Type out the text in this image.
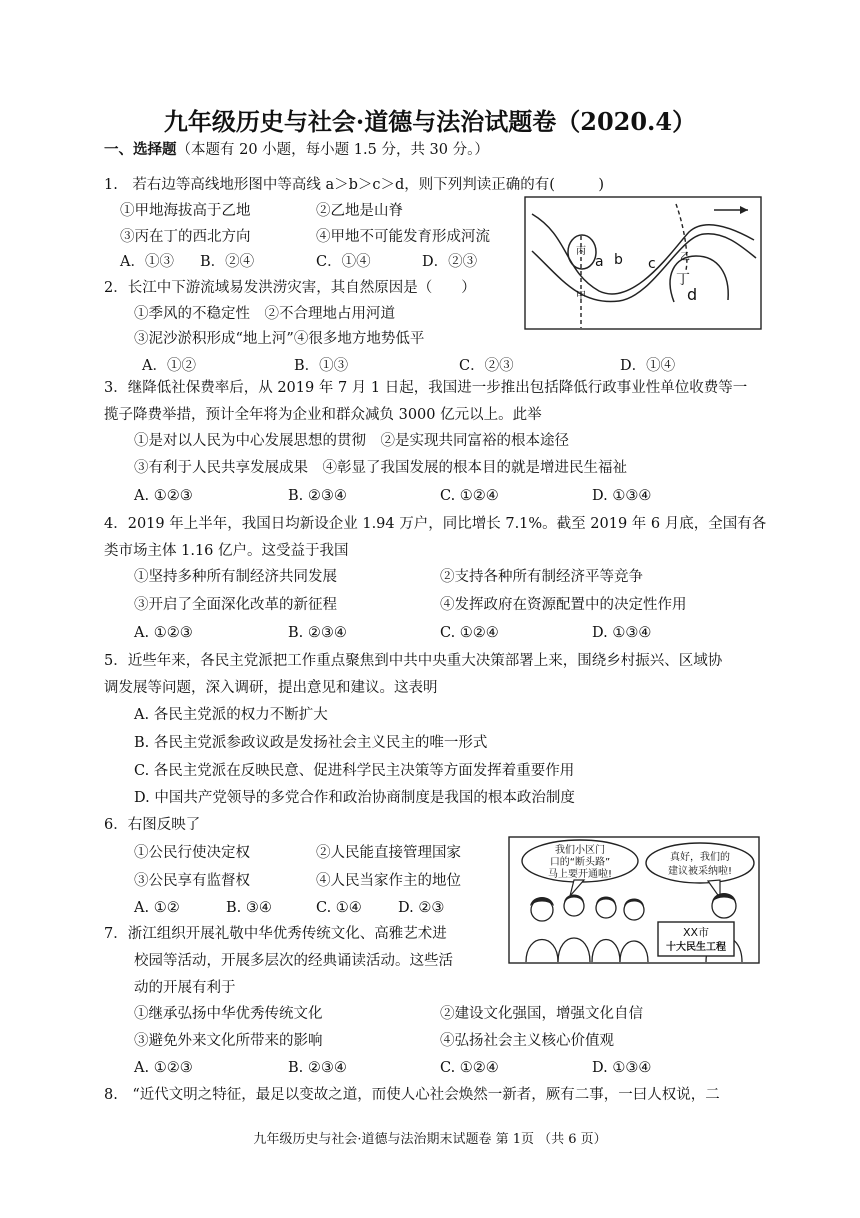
九年级历史与社会·道德与法治试题卷（2020.4）
一、选择题（本题有 20 小题，每小题 1.5 分，共 30 分。）
1.　若右边等高线地形图中等高线 a＞b＞c＞d，则下列判读正确的有(　　　)
①甲地海拔高于乙地	②乙地是山脊
③丙在丁的西北方向	④甲地不可能发育形成河流
A．①③ B．②④	C．①④	D．②③
丙
a b c 乙
丁
d
甲
2．长江中下游流域易发洪涝灾害，其自然原因是（　　）
①季风的不稳定性　②不合理地占用河道
③泥沙淤积形成“地上河”④很多地方地势低平
A．①②	B．①③	C．②③	D．①④
3．继降低社保费率后，从 2019 年 7 月 1 日起，我国进一步推出包括降低行政事业性单位收费等一
揽子降费举措，预计全年将为企业和群众减负 3000 亿元以上。此举
①是对以人民为中心发展思想的贯彻　②是实现共同富裕的根本途径
③有利于人民共享发展成果　④彰显了我国发展的根本目的就是增进民生福祉
A. ①②③	B. ②③④	C. ①②④	D. ①③④
4．2019 年上半年，我国日均新设企业 1.94 万户，同比增长 7.1%。截至 2019 年 6 月底，全国有各
类市场主体 1.16 亿户。这受益于我国
①坚持多种所有制经济共同发展	②支持各种所有制经济平等竞争
③开启了全面深化改革的新征程	④发挥政府在资源配置中的决定性作用
A. ①②③	B. ②③④	C. ①②④	D. ①③④
5．近些年来，各民主党派把工作重点聚焦到中共中央重大决策部署上来，围绕乡村振兴、区域协
调发展等问题，深入调研，提出意见和建议。这表明
A. 各民主党派的权力不断扩大
B. 各民主党派参政议政是发扬社会主义民主的唯一形式
C. 各民主党派在反映民意、促进科学民主决策等方面发挥着重要作用
D. 中国共产党领导的多党合作和政治协商制度是我国的根本政治制度
6．右图反映了
①公民行使决定权	②人民能直接管理国家
③公民享有监督权	④人民当家作主的地位
A. ①②	B. ③④	C. ①④ D. ②③
我们小区门
口的“断头路”
马上要开通啦!
真好，我们的
建议被采纳啦!
XX市
十大民生工程
7．浙江组织开展礼敬中华优秀传统文化、高雅艺术进
校园等活动，开展多层次的经典诵读活动。这些活
动的开展有利于
①继承弘扬中华优秀传统文化	②建设文化强国，增强文化自信
③避免外来文化所带来的影响	④弘扬社会主义核心价值观
A. ①②③	B. ②③④	C. ①②④	D. ①③④
8.　“近代文明之特征，最足以变故之道，而使人心社会焕然一新者，厥有二事，一曰人权说，二
九年级历史与社会·道德与法治期末试题卷 第 1页 （共 6 页）
